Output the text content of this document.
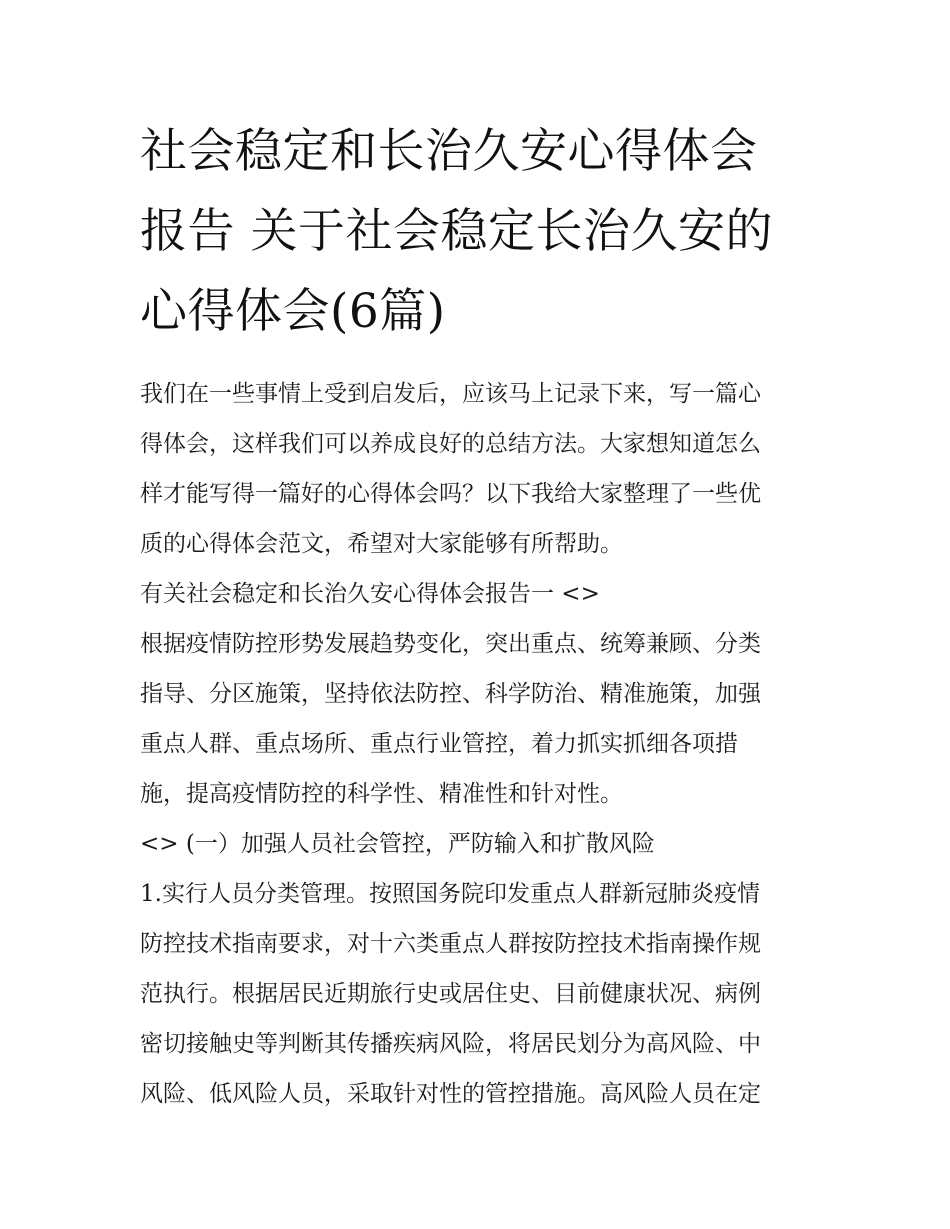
社会稳定和长治久安心得体会
报告 关于社会稳定长治久安的
心得体会(6篇)

我们在一些事情上受到启发后，应该马上记录下来，写一篇心
得体会，这样我们可以养成良好的总结方法。大家想知道怎么
样才能写得一篇好的心得体会吗？以下我给大家整理了一些优
质的心得体会范文，希望对大家能够有所帮助。

有关社会稳定和长治久安心得体会报告一 <>

根据疫情防控形势发展趋势变化，突出重点、统筹兼顾、分类
指导、分区施策，坚持依法防控、科学防治、精准施策，加强
重点人群、重点场所、重点行业管控，着力抓实抓细各项措
施，提高疫情防控的科学性、精准性和针对性。

<> (一）加强人员社会管控，严防输入和扩散风险

1.实行人员分类管理。按照国务院印发重点人群新冠肺炎疫情
防控技术指南要求，对十六类重点人群按防控技术指南操作规
范执行。根据居民近期旅行史或居住史、目前健康状况、病例
密切接触史等判断其传播疾病风险，将居民划分为高风险、中
风险、低风险人员，采取针对性的管控措施。高风险人员在定
